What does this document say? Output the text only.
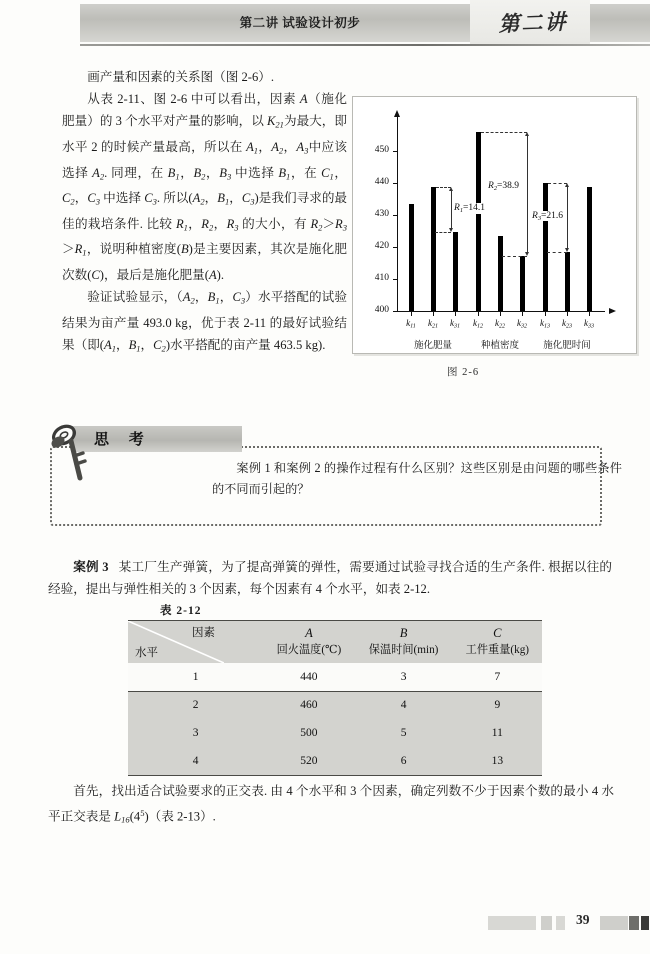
第二讲 试验设计初步	第二讲

画产量和因素的关系图（图 2-6）.

从表 2-11、图 2-6 中可以看出，因素 A（施化肥量）的 3 个水平对产量的影响，以 $K_{21}$为最大，即水平 2 的时候产量最高，所以在 $A_1$，$A_2$，$A_3$中应该选择 $A_2$. 同理，在 $B_1$，$B_2$，$B_3$ 中选择 $B_1$，在 $C_1$，$C_2$，$C_3$ 中选择 $C_3$. 所以($A_2$，$B_1$，$C_3$)是我们寻求的最佳的栽培条件. 比较 $R_1$，$R_2$，$R_3$ 的大小，有 $R_2>R_3>R_1$，说明种植密度(B)是主要因素，其次是施化肥次数(C)，最后是施化肥量(A).

验证试验显示，（$A_2$，$B_1$，$C_3$）水平搭配的试验结果为亩产量 493.0 kg，优于表 2-11 的最好试验结果（即($A_1$，$B_1$，$C_2$)水平搭配的亩产量 463.5 kg).

400
410
420
430
440
450
$k_{11}$	$k_{21}$	$k_{31}$	$k_{12}$	$k_{22}$	$k_{32}$	$k_{13}$	$k_{23}$	$k_{33}$
施化肥量	种植密度	施化肥时间
$R_1=14.1$
$R_2=38.9$
$R_3=21.6$
图 2-6
思 考
案例 1 和案例 2 的操作过程有什么区别？这些区别是由问题的哪些条件的不同而引起的？

案例 3 某工厂生产弹簧，为了提高弹簧的弹性，需要通过试验寻找合适的生产条件. 根据以往的经验，提出与弹性相关的 3 个因素，每个因素有 4 个水平，如表 2-12.

表 2-12
因素
水平

A
回火温度(℃)

B
保温时间(min)

C
工件重量(kg)

1	440	3	7
2	460	4	9
3	500	5	11
4	520	6	13

首先，找出适合试验要求的正交表. 由 4 个水平和 3 个因素，确定列数不少于因素个数的最小 4 水平正交表是 $L_{16}(4^5)$（表 2-13）.

39
